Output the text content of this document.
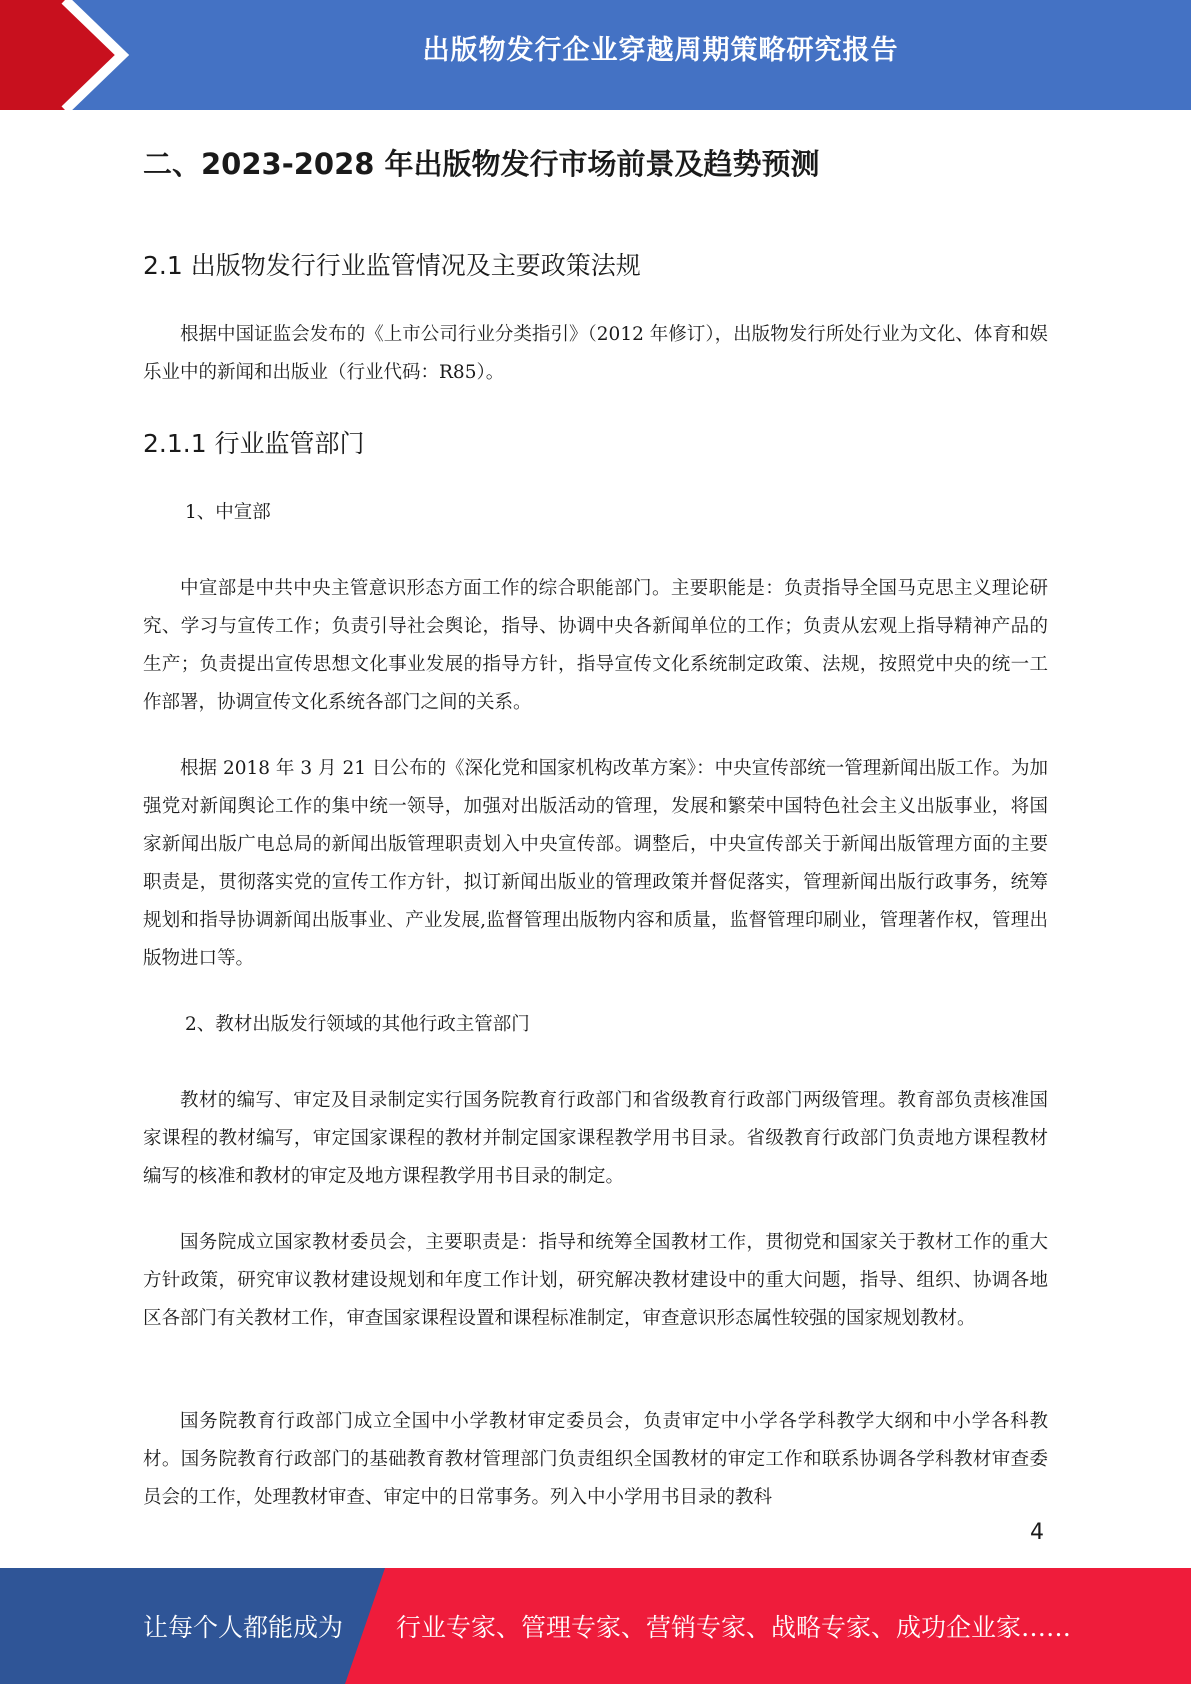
出版物发行企业穿越周期策略研究报告
二、2023-2028 年出版物发行市场前景及趋势预测
2.1 出版物发行行业监管情况及主要政策法规

根据中国证监会发布的《上市公司行业分类指引》（2012 年修订），出版物发行所处行业为文化、体育和娱乐业中的新闻和出版业（行业代码：R85）。

2.1.1 行业监管部门

1、中宣部

中宣部是中共中央主管意识形态方面工作的综合职能部门。主要职能是：负责指导全国马克思主义理论研究、学习与宣传工作；负责引导社会舆论，指导、协调中央各新闻单位的工作；负责从宏观上指导精神产品的生产；负责提出宣传思想文化事业发展的指导方针，指导宣传文化系统制定政策、法规，按照党中央的统一工作部署，协调宣传文化系统各部门之间的关系。

根据 2018 年 3 月 21 日公布的《深化党和国家机构改革方案》：中央宣传部统一管理新闻出版工作。为加强党对新闻舆论工作的集中统一领导，加强对出版活动的管理，发展和繁荣中国特色社会主义出版事业，将国家新闻出版广电总局的新闻出版管理职责划入中央宣传部。调整后，中央宣传部关于新闻出版管理方面的主要职责是，贯彻落实党的宣传工作方针，拟订新闻出版业的管理政策并督促落实，管理新闻出版行政事务，统筹规划和指导协调新闻出版事业、产业发展,监督管理出版物内容和质量，监督管理印刷业，管理著作权，管理出版物进口等。

2、教材出版发行领域的其他行政主管部门

教材的编写、审定及目录制定实行国务院教育行政部门和省级教育行政部门两级管理。教育部负责核准国家课程的教材编写，审定国家课程的教材并制定国家课程教学用书目录。省级教育行政部门负责地方课程教材编写的核准和教材的审定及地方课程教学用书目录的制定。

国务院成立国家教材委员会，主要职责是：指导和统筹全国教材工作，贯彻党和国家关于教材工作的重大方针政策，研究审议教材建设规划和年度工作计划，研究解决教材建设中的重大问题，指导、组织、协调各地区各部门有关教材工作，审查国家课程设置和课程标准制定，审查意识形态属性较强的国家规划教材。

国务院教育行政部门成立全国中小学教材审定委员会，负责审定中小学各学科教学大纲和中小学各科教材。国务院教育行政部门的基础教育教材管理部门负责组织全国教材的审定工作和联系协调各学科教材审查委员会的工作，处理教材审查、审定中的日常事务。列入中小学用书目录的教科

4
让每个人都能成为 行业专家、管理专家、营销专家、战略专家、成功企业家……
